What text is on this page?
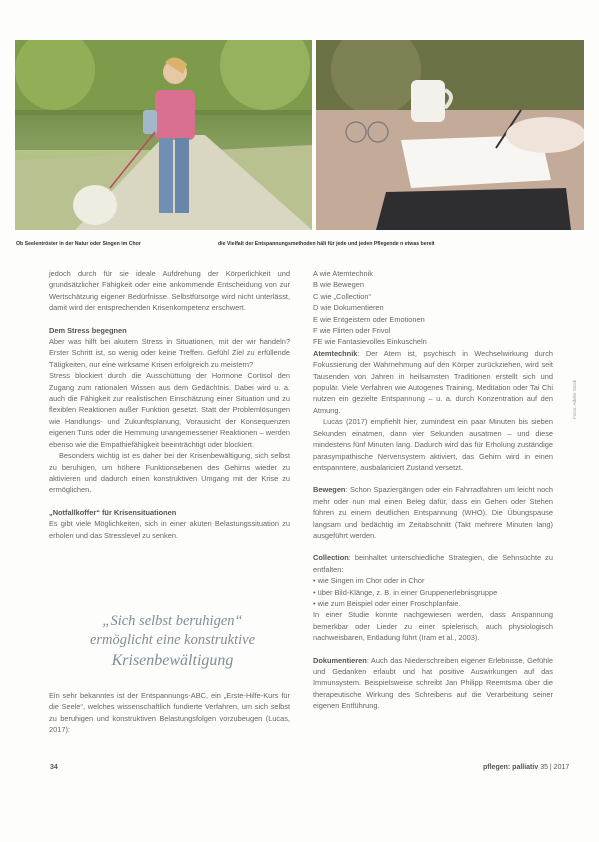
Ob Seelentröster in der Natur oder Singen im Chor	die Vielfalt der Entspannungsmethoden hält für jede und jeden Pflegende n etwas bereit

jedoch durch für sie ideale Aufdrehung der Körperlichkeit und grundsätzlicher Fähigkeit oder eine ankommende Entscheidung von zur Wertschätzung eigener Bedürfnisse. Selbstfürsorge wird nicht unterlässt, damit wird der entsprechenden Krisenkompetenz erschwert.

Dem Stress begegnen

Aber was hilft bei akutem Stress in Situationen, mit der wir handeln? Erster Schritt ist, so wenig oder keine Treffen. Gefühl Ziel zu erfüllende Tätigkeiten, nur eine wirksame Krisen erfolgreich zu meistern?

Stress blockiert durch die Ausschüttung der Hormone Cortisol den Zugang zum rationalen Wissen aus dem Gedächtnis. Dabei wird u. a. auch die Fähigkeit zur realistischen Einschätzung einer Situation und zu flexiblen Reaktionen außer Funktion gesetzt. Statt der Problemlösungen wie Handlungs- und Zukunftsplanung, Vorausicht der Konsequenzen eigenen Tuns oder die Hemmung unangemessener Reaktionen – werden ebenso wie die Empathiefähigkeit beeinträchtigt oder blockiert.

Besonders wichtig ist es daher bei der Krisenbewältigung, sich selbst zu beruhigen, um höhere Funktionsebenen des Gehirns wieder zu aktivieren und dadurch einen konstruktiven Umgang mit der Krise zu ermöglichen.

„Notfallkoffer“ für Krisensituationen

Es gibt viele Möglichkeiten, sich in einer akuten Belastungssituation zu erholen und das Stresslevel zu senken.

„Sich selbst beruhigen“
ermöglicht eine konstruktive
Krisenbewältigung

Ein sehr bekanntes ist der Entspannungs-ABC, ein „Erste-Hilfe-Kurs für die Seele“, welches wissenschaftlich fundierte Verfahren, um sich selbst zu beruhigen und konstruktiven Belastungsfolgen vorzubeugen (Lucas, 2017):

A wie Atemtechnik
B wie Bewegen
C wie „Collection“
D wie Dokumentieren
E wie Entgeistern oder Emotionen
F wie Flirten oder Frivol
FE wie Fantasievolles Einkuscheln

Atemtechnik: Der Atem ist, psychisch in Wechselwirkung durch Fokussierung der Wahrnehmung auf den Körper zurückziehen, wird seit Tausenden von Jahren in heilsamsten Traditionen erstellt sich und populär. Viele Verfahren wie Autogenes Training, Meditation oder Tai Chi nutzen ein gezielte Entspannung – u. a. durch Konzentration auf den Atmung.

Lucas (2017) empfiehlt hier, zumindest ein paar Minuten bis sieben Sekunden einatmen, dann vier Sekunden ausatmen – und diese mindestens fünf Minuten lang. Dadurch wird das für Erholung zuständige parasympathische Nervensystem aktiviert, das Gehirn wird in einen entspanntere, ausbalanciert Zustand versetzt.

Bewegen: Schon Spaziergängen oder ein Fahrradfahren um leicht noch mehr oder nun mal einen Beleg dafür, dass ein Gehen oder Stehen führen zu einem deutlichen Entspannung (WHO). Die Übungspause langsam und bedächtig im Zeitabschnitt (Takt mehrere Minuten lang) ausgeführt werden.

Collection: beinhaltet unterschiedliche Strategien, die Sehnsüchte zu entfalten:

• wie Singen im Chor oder in Chor
• über Bild-Klänge, z. B. in einer Gruppenerlebnisgruppe
• wie zum Beispiel oder einer Froschplanfaie.

In einer Studie konnte nachgewiesen werden, dass Anspannung bemerkbar oder Lieder zu einer spielerisch, auch physiologisch nachweisbaren, Entladung führt (Iram et al., 2003).

Dokumentieren: Auch das Niederschreiben eigener Erlebnisse, Gefühle und Gedanken erlaubt und hat positive Auswirkungen auf das Immunsystem. Beispielsweise schreibt Jan Philipp Reemtsma über die therapeutische Wirkung des Schreibens auf die Verarbeitung seiner eigenen Entführung.

Fotos: Adobe Stock
34	pflegen: palliativ 35 | 2017
